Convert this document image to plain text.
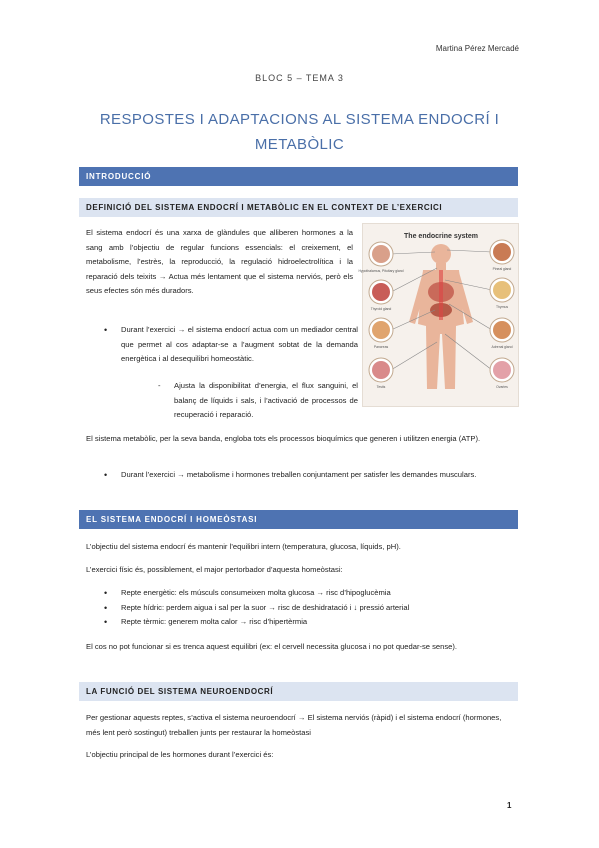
Martina Pérez Mercadé
BLOC 5 – TEMA 3
RESPOSTES I ADAPTACIONS AL SISTEMA ENDOCRÍ I METABÒLIC
INTRODUCCIÓ
DEFINICIÓ DEL SISTEMA ENDOCRÍ I METABÒLIC EN EL CONTEXT DE L’EXERCICI
El sistema endocrí és una xarxa de glàndules que alliberen hormones a la sang amb l’objectiu de regular funcions essencials: el creixement, el metabolisme, l’estrès, la reproducció, la regulació hidroelectrolítica i la reparació dels teixits → Actua més lentament que el sistema nerviós, però els seus efectes són més duradors.
• Durant l’exercici → el sistema endocrí actua com un mediador central que permet al cos adaptar-se a l’augment sobtat de la demanda energètica i al desequilibri homeostàtic.
- Ajusta la disponibilitat d’energia, el flux sanguini, el balanç de líquids i sals, i l’activació de processos de recuperació i reparació.
The endocrine system
Hypothalamus, Pituitary gland
Thyroid gland
Pancreas
Testis
Pineal gland
Thymus
Adrenal gland
Ovaries
El sistema metabòlic, per la seva banda, engloba tots els processos bioquímics que generen i utilitzen energia (ATP).
• Durant l’exercici → metabolisme i hormones treballen conjuntament per satisfer les demandes musculars.
EL SISTEMA ENDOCRÍ I HOMEÒSTASI
L’objectiu del sistema endocrí és mantenir l’equilibri intern (temperatura, glucosa, líquids, pH).
L’exercici físic és, possiblement, el major pertorbador d’aquesta homeòstasi:
• Repte energètic: els músculs consumeixen molta glucosa → risc d’hipoglucèmia
• Repte hídric: perdem aigua i sal per la suor → risc de deshidratació i ↓ pressió arterial
• Repte tèrmic: generem molta calor → risc d’hipertèrmia
El cos no pot funcionar si es trenca aquest equilibri (ex: el cervell necessita glucosa i no pot quedar-se sense).
LA FUNCIÓ DEL SISTEMA NEUROENDOCRÍ
Per gestionar aquests reptes, s’activa el sistema neuroendocrí → El sistema nerviós (ràpid) i el sistema endocrí (hormones, més lent però sostingut) treballen junts per restaurar la homeòstasi
L’objectiu principal de les hormones durant l’exercici és:
1
